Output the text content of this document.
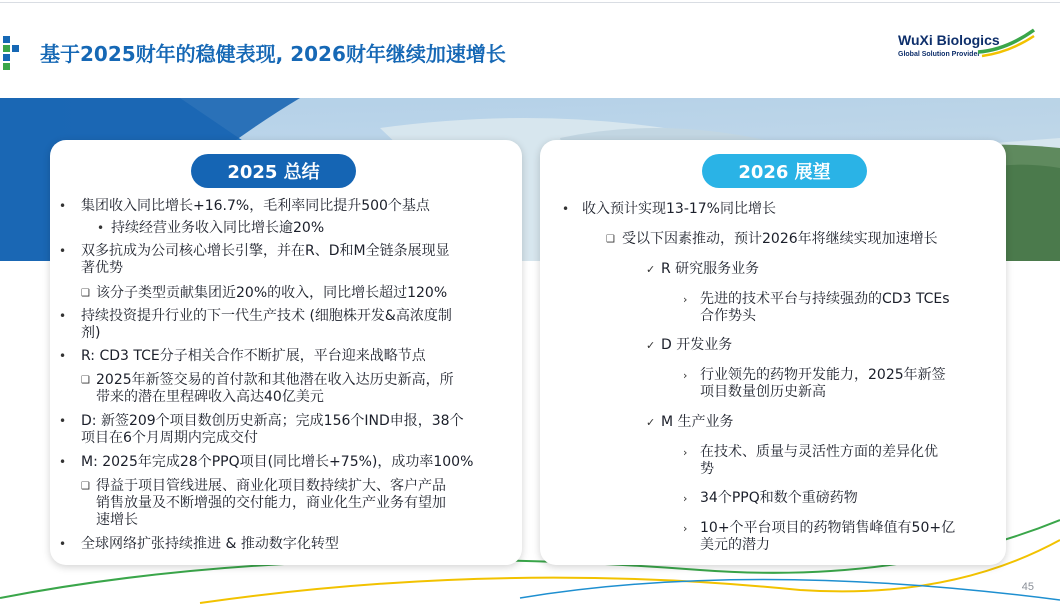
基于2025财年的稳健表现, 2026财年继续加速增长
WuXi Biologics
Global Solution Provider
2025 总结
• 集团收入同比增长+16.7%，毛利率同比提升500个基点
• 持续经营业务收入同比增长逾20%
• 双多抗成为公司核心增长引擎，并在R、D和M全链条展现显
著优势
❑ 该分子类型贡献集团近20%的收入，同比增长超过120%
• 持续投资提升行业的下一代生产技术 (细胞株开发&高浓度制
剂)
• R: CD3 TCE分子相关合作不断扩展，平台迎来战略节点
❑ 2025年新签交易的首付款和其他潜在收入达历史新高，所
带来的潜在里程碑收入高达40亿美元
• D: 新签209个项目数创历史新高；完成156个IND申报，38个
项目在6个月周期内完成交付
• M: 2025年完成28个PPQ项目(同比增长+75%)，成功率100%
❑ 得益于项目管线进展、商业化项目数持续扩大、客户产品
销售放量及不断增强的交付能力，商业化生产业务有望加
速增长
• 全球网络扩张持续推进 & 推动数字化转型
2026 展望
• 收入预计实现13-17%同比增长
❑ 受以下因素推动，预计2026年将继续实现加速增长
✓ R 研究服务业务
› 先进的技术平台与持续强劲的CD3 TCEs
合作势头
✓ D 开发业务
› 行业领先的药物开发能力，2025年新签
项目数量创历史新高
✓ M 生产业务
› 在技术、质量与灵活性方面的差异化优
势
› 34个PPQ和数个重磅药物
› 10+个平台项目的药物销售峰值有50+亿
美元的潜力
45
